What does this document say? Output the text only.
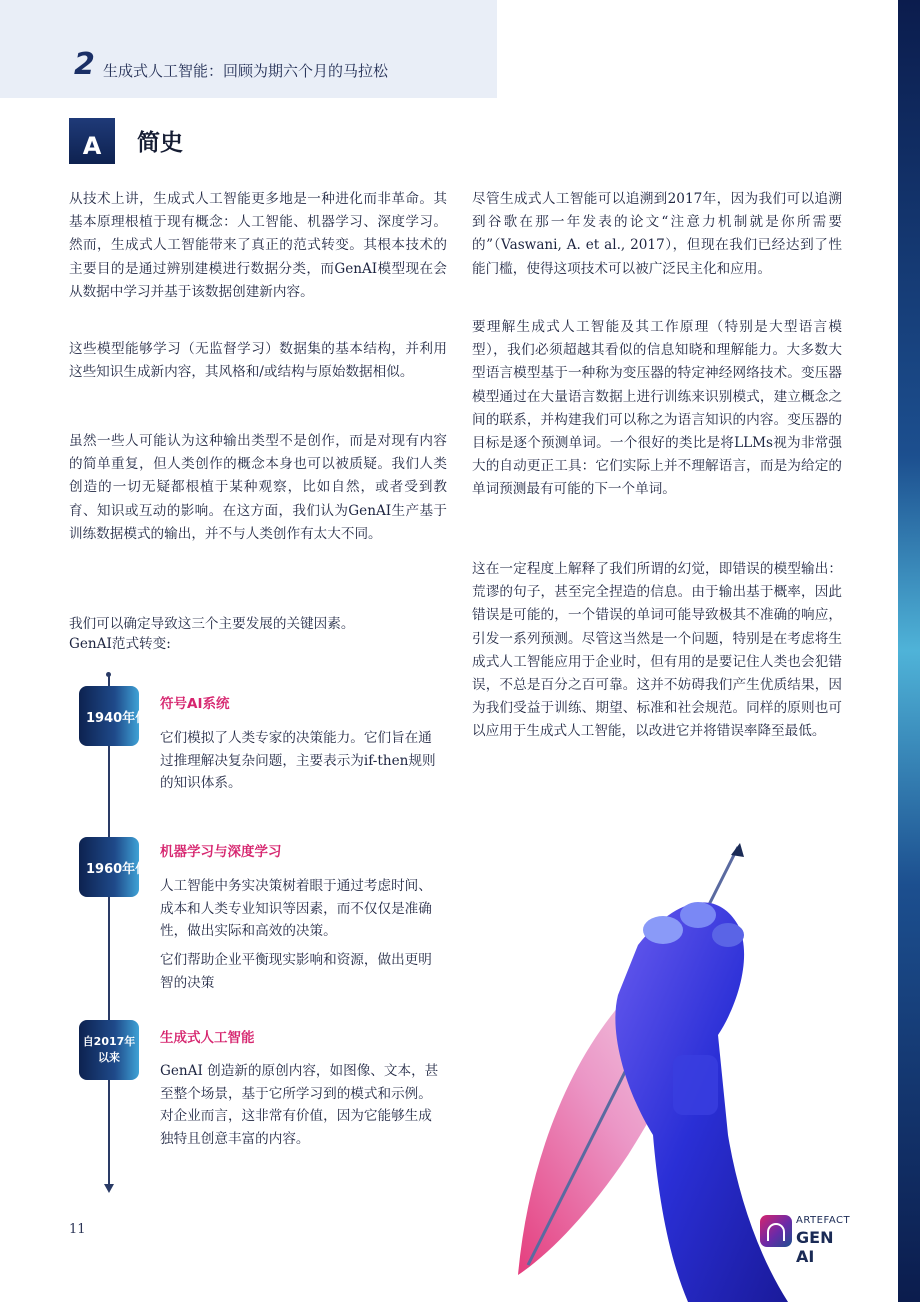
2 生成式人工智能：回顾为期六个月的马拉松
A	简史

从技术上讲，生成式人工智能更多地是一种进化而非革命。其基本原理根植于现有概念：人工智能、机器学习、深度学习。然而，生成式人工智能带来了真正的范式转变。其根本技术的主要目的是通过辨别建模进行数据分类，而GenAI模型现在会从数据中学习并基于该数据创建新内容。

这些模型能够学习（无监督学习）数据集的基本结构，并利用这些知识生成新内容，其风格和/或结构与原始数据相似。

虽然一些人可能认为这种输出类型不是创作，而是对现有内容的简单重复，但人类创作的概念本身也可以被质疑。我们人类创造的一切无疑都根植于某种观察，比如自然，或者受到教育、知识或互动的影响。在这方面，我们认为GenAI生产基于训练数据模式的输出，并不与人类创作有太大不同。

我们可以确定导致这三个主要发展的关键因素。GenAI范式转变:

1940年代
符号AI系统

它们模拟了人类专家的决策能力。它们旨在通过推理解决复杂问题，主要表示为if-then规则的知识体系。

1960年代
机器学习与深度学习

人工智能中务实决策树着眼于通过考虑时间、成本和人类专业知识等因素，而不仅仅是准确性，做出实际和高效的决策。

它们帮助企业平衡现实影响和资源，做出更明智的决策

自2017年以来
生成式人工智能

GenAI 创造新的原创内容，如图像、文本，甚至整个场景，基于它所学习到的模式和示例。对企业而言，这非常有价值，因为它能够生成独特且创意丰富的内容。

尽管生成式人工智能可以追溯到2017年，因为我们可以追溯到谷歌在那一年发表的论文“注意力机制就是你所需要的”（Vaswani, A. et al., 2017），但现在我们已经达到了性能门槛，使得这项技术可以被广泛民主化和应用。

要理解生成式人工智能及其工作原理（特别是大型语言模型），我们必须超越其看似的信息知晓和理解能力。大多数大型语言模型基于一种称为变压器的特定神经网络技术。变压器模型通过在大量语言数据上进行训练来识别模式，建立概念之间的联系，并构建我们可以称之为语言知识的内容。变压器的目标是逐个预测单词。一个很好的类比是将LLMs视为非常强大的自动更正工具：它们实际上并不理解语言，而是为给定的单词预测最有可能的下一个单词。

这在一定程度上解释了我们所谓的幻觉，即错误的模型输出：荒谬的句子，甚至完全捏造的信息。由于输出基于概率，因此错误是可能的，一个错误的单词可能导致极其不准确的响应，引发一系列预测。尽管这当然是一个问题，特别是在考虑将生成式人工智能应用于企业时，但有用的是要记住人类也会犯错误，不总是百分之百可靠。这并不妨碍我们产生优质结果，因为我们受益于训练、期望、标准和社会规范。同样的原则也可以应用于生成式人工智能，以改进它并将错误率降至最低。

11
ARTEFACT
GEN AI
